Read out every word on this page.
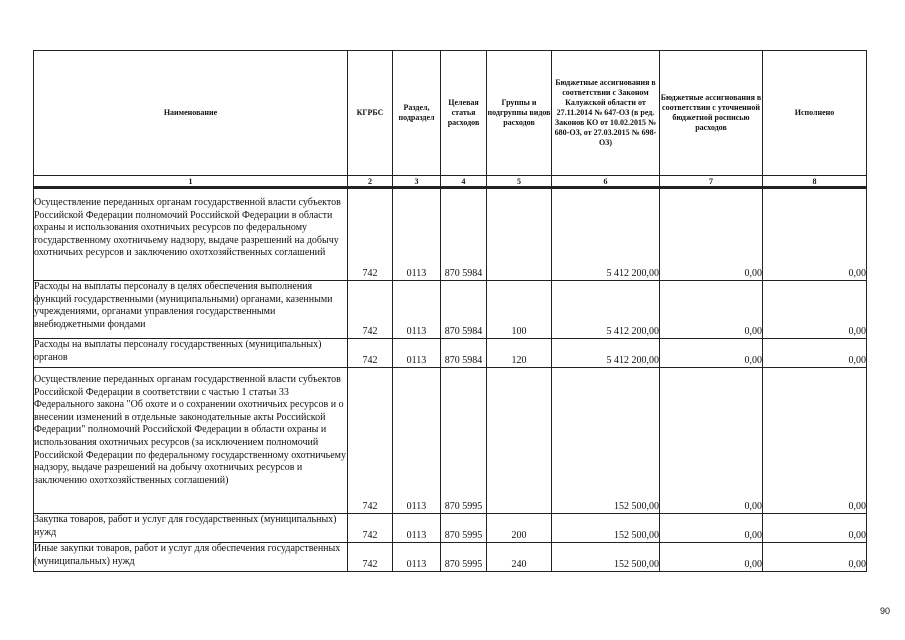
Наименование	КГРБС	Раздел, подраздел	Целевая статья расходов	Группы и подгруппы видов расходов	Бюджетные ассигнования в соответствии с Законом Калужской области от 27.11.2014 № 647-ОЗ (в ред. Законов КО от 10.02.2015 № 680-ОЗ, от 27.03.2015 № 698-ОЗ)	Бюджетные ассигнования в соответствии с уточненной бюджетной росписью расходов	Исполнено
1	2	3	4	5	6	7	8
Осуществление переданных органам государственной власти субъектов Российской Федерации полномочий Российской Федерации в области охраны и использования охотничьих ресурсов по федеральному государственному охотничьему надзору, выдаче разрешений на добычу охотничьих ресурсов и заключению охотхозяйственных соглашений	742	0113	870 5984		5 412 200,00	0,00	0,00
Расходы на выплаты персоналу в целях обеспечения выполнения функций государственными (муниципальными) органами, казенными учреждениями, органами управления государственными внебюджетными фондами	742	0113	870 5984	100	5 412 200,00	0,00	0,00
Расходы на выплаты персоналу государственных (муниципальных) органов	742	0113	870 5984	120	5 412 200,00	0,00	0,00
Осуществление переданных органам государственной власти субъектов Российской Федерации в соответствии с частью 1 статьи 33 Федерального закона "Об охоте и о сохранении охотничьих ресурсов и о внесении изменений в отдельные законодательные акты Российской Федерации" полномочий Российской Федерации в области охраны и использования охотничьих ресурсов (за исключением полномочий Российской Федерации по федеральному государственному охотничьему надзору, выдаче разрешений на добычу охотничьих ресурсов и заключению охотхозяйственных соглашений)	742	0113	870 5995		152 500,00	0,00	0,00
Закупка товаров, работ и услуг для государственных (муниципальных) нужд	742	0113	870 5995	200	152 500,00	0,00	0,00
Иные закупки товаров, работ и услуг для обеспечения государственных (муниципальных) нужд	742	0113	870 5995	240	152 500,00	0,00	0,00
90
